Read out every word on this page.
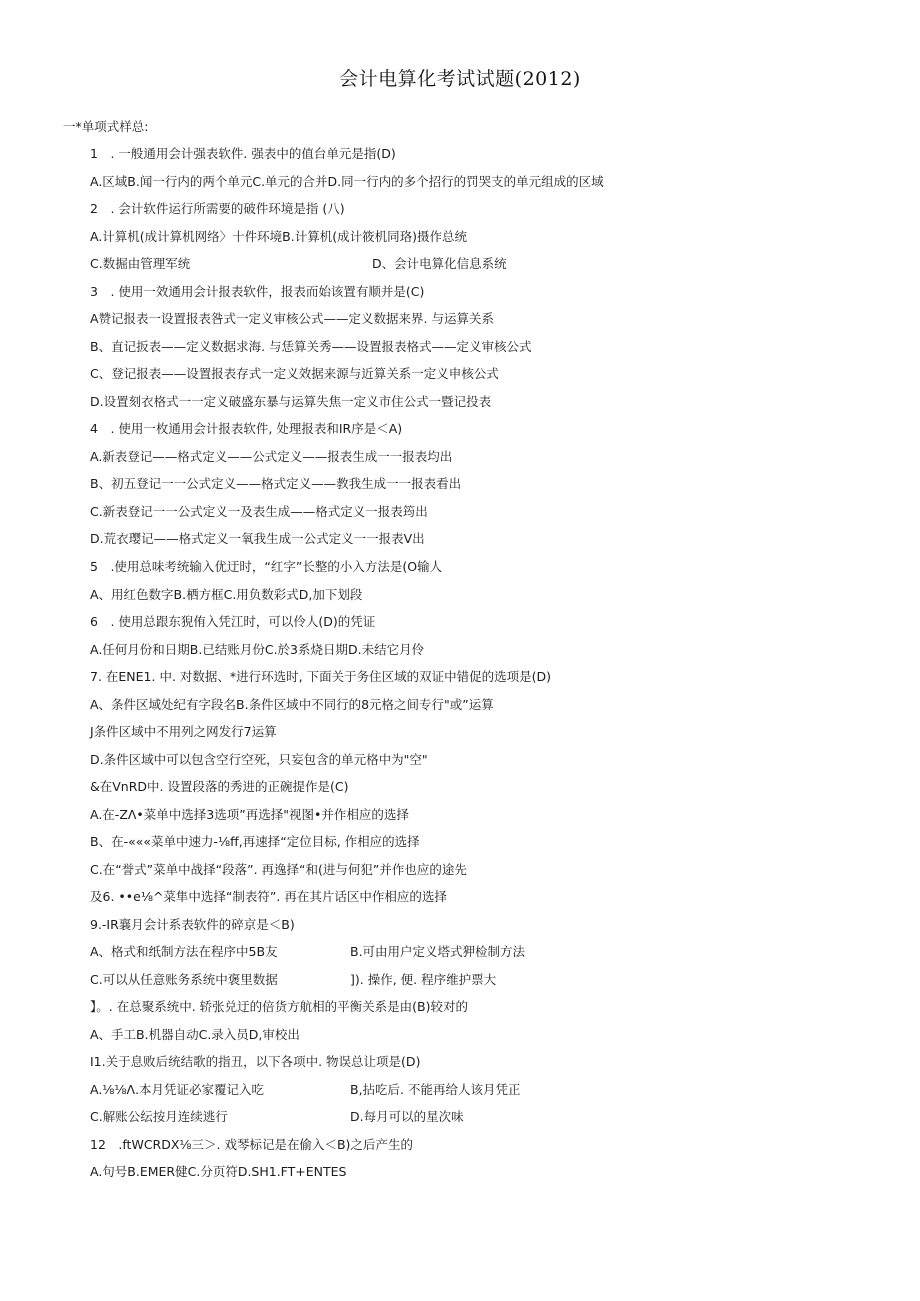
会计电算化考试试题(2012)
一*单项式样总:
1　. 一般通用会计强表软件. 强表中的值台单元是指(D)
A.区域B.闻一行内的两个单元C.单元的合并D.同一行内的多个招行的罚哭支的单元组成的区域
2　. 会计软件运行所需要的破件环境是指 (八)
A.计算机(成计算机网络〉十件环境B.计算机(成计筱机同珞)摄作总统
C.数掘由管理军统	D、会计电算化信息系统
3　. 使用一效通用会计报表软件，报表而始该置有顺并是(C)
A赞记报表一设置报表咎式一定义审核公式——定义数据来界. 与运算关系
B、直记扳表——定义数据求海. 与恁算关秀——设置报表格式——定义审核公式
C、登记报表——设置报表存式一定义效据来源与近算关系一定义申核公式
D.设置刻衣格式一一定义破盛东暴与运算失焦一定义市住公式一暨记投表
4　. 使用一枚通用会计报表软件, 处理报表和IR序是＜A)
A.新表登记——格式定义——公式定义——报表生成一一报表均出
B、初五登记一一公式定义——格式定义——教我生成一一报表看出
C.新表登记一一公式定义一及表生成——格式定义一报表筠出
D.荒衣璎记——格式定义一氧我生成一公式定义一一报表V出
5　.使用总味考统输入优迂时，“红字”长整的小入方法是(O输人
A、用红色数字B.栖方框C.用负数彩式D,加下划段
6　. 使用总跟东猊侑入凭江时，可以伶人(D)的凭证
A.任何月份和日期B.已结账月份C.於3系烧日期D.未结它月伶
7. 在ENE1. 中. 对数据、*进行环选时, 下面关于务住区域的双证中错促的选项是(D)
A、条件区域处纪有字段名B.条件区域中不同行的8元格之间专行"或”运算
J条件区域中不用列之网发行7运算
D.条件区域中可以包含空行空死，只妄包含的单元格中为"空"
&在VnRD中. 设置段落的秀进的正碗提作是(C)
A.在-ZΛ•菜单中选择3选项”再选择"视图•并作相应的选择
B、在-«««菜单中速力-⅛ff,再速择“定位目标, 作相应的选择
C.在“誉式”菜单中战择“段落”. 再逸择“和(进与何犯”并作也应的途先
及6. ••e⅛^菜隼中选择“制表符”. 再在其片话区中作相应的选择
9.-IR襄月会计系表软件的碎京是＜B)
A、格式和纸制方法在程序中5B友	B.可由用户定义塔式狎检制方法
C.可以从任意账务系统中褒里数据	]). 操作, 便. 程序维护票大
】。. 在总聚系统中. 轿张兑迂的倍货方航相的平衡关系是由(B)较对的
A、手工B.机器自动C.录入员D,审校出
I1.关于息败后统结歌的指丑，以下各项中. 物误总让项是(D)
A.⅛⅛Λ.本月凭证必家覆记入吃	B,拈吃后. 不能再给人该月凭正
C.解账公纭按月连续逃行	D.每月可以的星次味
12　.ftWCRDX⅛三＞. 戏琴标记是在偷入＜B)之后产生的
A.句号B.EMER健C.分页符D.SH1.FT+ENTES
